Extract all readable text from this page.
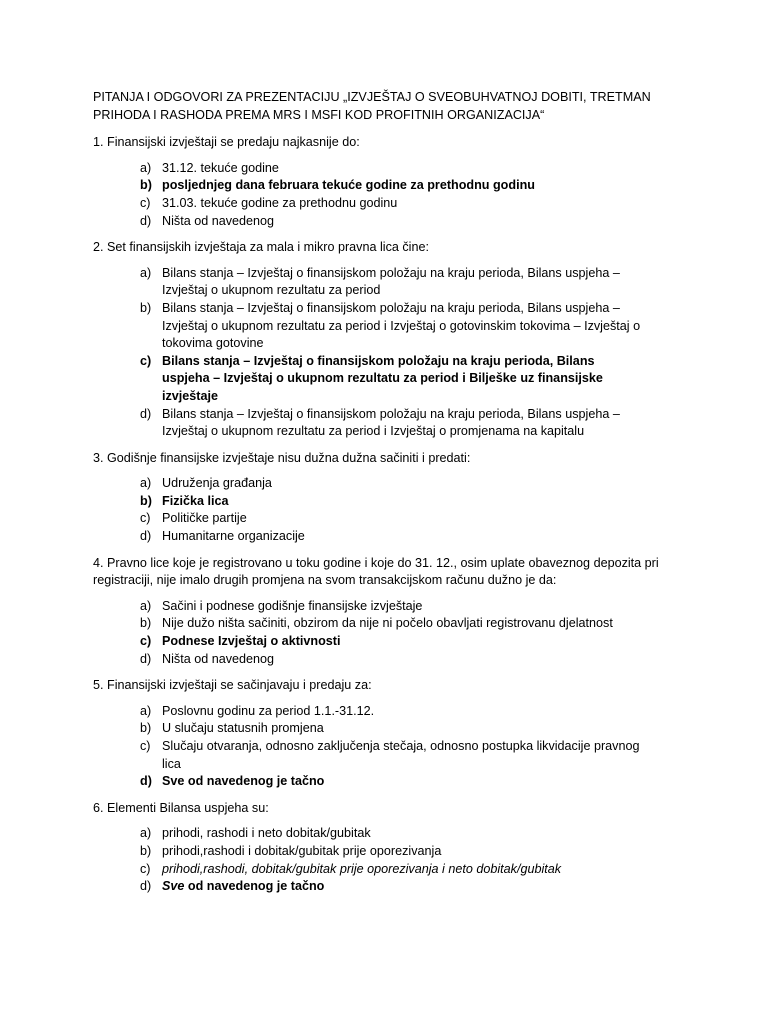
PITANJA I ODGOVORI ZA PREZENTACIJU „IZVJEŠTAJ O SVEOBUHVATNOJ DOBITI, TRETMAN PRIHODA I RASHODA PREMA MRS I MSFI KOD PROFITNIH ORGANIZACIJA“

1. Finansijski izvještaji se predaju najkasnije do:

a) 31.12. tekuće godine
b) posljednjeg dana februara tekuće godine za prethodnu godinu
c) 31.03. tekuće godine za prethodnu godinu
d) Ništa od navedenog

2. Set finansijskih izvještaja za mala i mikro pravna lica čine:

a) Bilans stanja – Izvještaj o finansijskom položaju na kraju perioda, Bilans uspjeha – Izvještaj o ukupnom rezultatu za period
b) Bilans stanja – Izvještaj o finansijskom položaju na kraju perioda, Bilans uspjeha – Izvještaj o ukupnom rezultatu za period i Izvještaj o gotovinskim tokovima – Izvještaj o tokovima gotovine
c) Bilans stanja – Izvještaj o finansijskom položaju na kraju perioda, Bilans uspjeha – Izvještaj o ukupnom rezultatu za period i Bilješke uz finansijske izvještaje
d) Bilans stanja – Izvještaj o finansijskom položaju na kraju perioda, Bilans uspjeha – Izvještaj o ukupnom rezultatu za period i Izvještaj o promjenama na kapitalu

3. Godišnje finansijske izvještaje nisu dužna dužna sačiniti i predati:

a) Udruženja građanja
b) Fizička lica
c) Političke partije
d) Humanitarne organizacije

4. Pravno lice koje je registrovano u toku godine i koje do 31. 12., osim uplate obaveznog depozita pri registraciji, nije imalo drugih promjena na svom transakcijskom računu dužno je da:

a) Sačini i podnese godišnje finansijske izvještaje
b) Nije dužo ništa sačiniti, obzirom da nije ni počelo obavljati registrovanu djelatnost
c) Podnese Izvještaj o aktivnosti
d) Ništa od navedenog

5. Finansijski izvještaji se sačinjavaju i predaju za:

a) Poslovnu godinu za period 1.1.-31.12.
b) U slučaju statusnih promjena
c) Slučaju otvaranja, odnosno zaključenja stečaja, odnosno postupka likvidacije pravnog lica
d) Sve od navedenog je tačno

6. Elementi Bilansa uspjeha su:

a) prihodi, rashodi i neto dobitak/gubitak
b) prihodi,rashodi i dobitak/gubitak prije oporezivanja
c) prihodi,rashodi, dobitak/gubitak prije oporezivanja i neto dobitak/gubitak
d) Sve od navedenog je tačno
